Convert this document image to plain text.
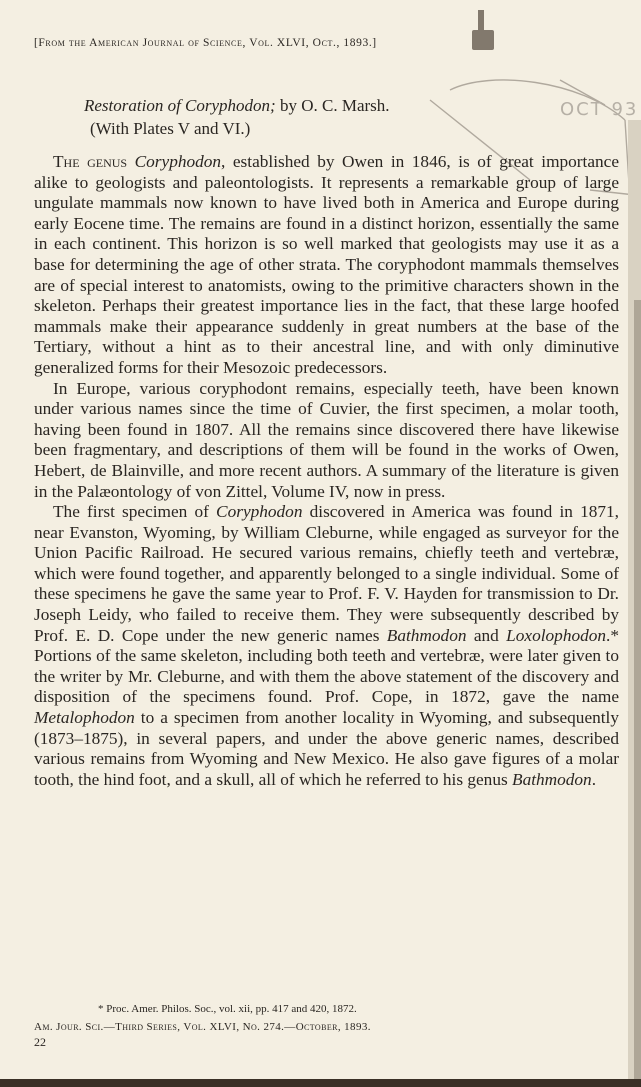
OCT 93
[From the American Journal of Science, Vol. XLVI, Oct., 1893.]
Restoration of Coryphodon; by O. C. Marsh.
(With Plates V and VI.)

The genus Coryphodon, established by Owen in 1846, is of great importance alike to geologists and paleontologists. It represents a remarkable group of large ungulate mammals now known to have lived both in America and Europe during early Eocene time. The remains are found in a distinct horizon, essentially the same in each continent. This horizon is so well marked that geologists may use it as a base for determining the age of other strata. The coryphodont mammals themselves are of special interest to anatomists, owing to the primitive characters shown in the skeleton. Perhaps their greatest importance lies in the fact, that these large hoofed mammals make their appearance suddenly in great numbers at the base of the Tertiary, without a hint as to their ancestral line, and with only diminutive generalized forms for their Mesozoic predecessors.

In Europe, various coryphodont remains, especially teeth, have been known under various names since the time of Cuvier, the first specimen, a molar tooth, having been found in 1807. All the remains since discovered there have likewise been fragmentary, and descriptions of them will be found in the works of Owen, Hebert, de Blainville, and more recent authors. A summary of the literature is given in the Palæontology of von Zittel, Volume IV, now in press.

The first specimen of Coryphodon discovered in America was found in 1871, near Evanston, Wyoming, by William Cleburne, while engaged as surveyor for the Union Pacific Railroad. He secured various remains, chiefly teeth and vertebræ, which were found together, and apparently belonged to a single individual. Some of these specimens he gave the same year to Prof. F. V. Hayden for transmission to Dr. Joseph Leidy, who failed to receive them. They were subsequently described by Prof. E. D. Cope under the new generic names Bathmodon and Loxolophodon.* Portions of the same skeleton, including both teeth and vertebræ, were later given to the writer by Mr. Cleburne, and with them the above statement of the discovery and disposition of the specimens found. Prof. Cope, in 1872, gave the name Metalophodon to a specimen from another locality in Wyoming, and subsequently (1873–1875), in several papers, and under the above generic names, described various remains from Wyoming and New Mexico. He also gave figures of a molar tooth, the hind foot, and a skull, all of which he referred to his genus Bathmodon.

* Proc. Amer. Philos. Soc., vol. xii, pp. 417 and 420, 1872.
Am. Jour. Sci.—Third Series, Vol. XLVI, No. 274.—October, 1893.
22
